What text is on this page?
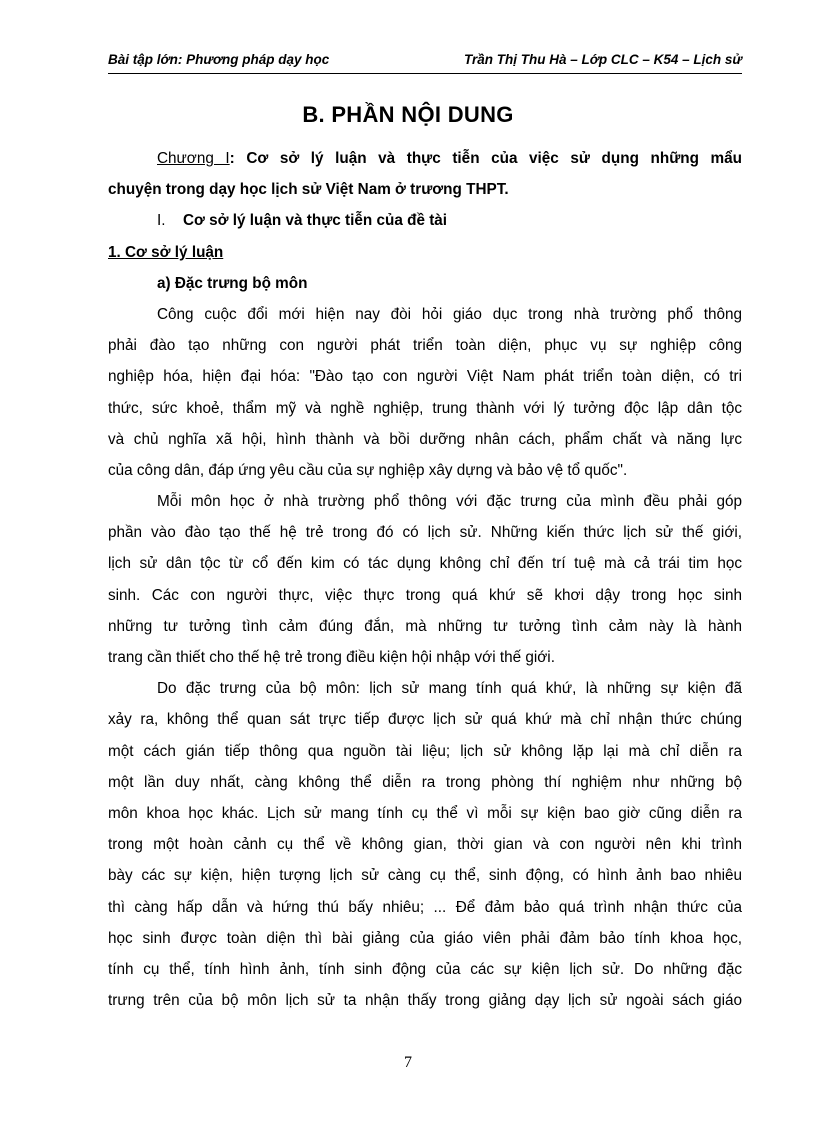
Bài tập lớn: Phương pháp dạy học	Trần Thị Thu Hà – Lớp CLC – K54 – Lịch sử
B. PHẦN NỘI DUNG
Chương I: Cơ sở lý luận và thực tiễn của việc sử dụng những mẩu
chuyện trong dạy học lịch sử Việt Nam ở trương THPT.
I. Cơ sở lý luận và thực tiễn của đề tài
1. Cơ sở lý luận
a) Đặc trưng bộ môn
Công cuộc đổi mới hiện nay đòi hỏi giáo dục trong nhà trường phổ thông
phải đào tạo những con người phát triển toàn diện, phục vụ sự nghiệp công
nghiệp hóa, hiện đại hóa: "Đào tạo con người Việt Nam phát triển toàn diện, có tri
thức, sức khoẻ, thẩm mỹ và nghề nghiệp, trung thành với lý tưởng độc lập dân tộc
và chủ nghĩa xã hội, hình thành và bồi dưỡng nhân cách, phẩm chất và năng lực
của công dân, đáp ứng yêu cầu của sự nghiệp xây dựng và bảo vệ tổ quốc".
Mỗi môn học ở nhà trường phổ thông với đặc trưng của mình đều phải góp
phần vào đào tạo thế hệ trẻ trong đó có lịch sử. Những kiến thức lịch sử thế giới,
lịch sử dân tộc từ cổ đến kim có tác dụng không chỉ đến trí tuệ mà cả trái tim học
sinh. Các con người thực, việc thực trong quá khứ sẽ khơi dậy trong học sinh
những tư tưởng tình cảm đúng đắn, mà những tư tưởng tình cảm này là hành
trang cần thiết cho thế hệ trẻ trong điều kiện hội nhập với thế giới.
Do đặc trưng của bộ môn: lịch sử mang tính quá khứ, là những sự kiện đã
xảy ra, không thể quan sát trực tiếp được lịch sử quá khứ mà chỉ nhận thức chúng
một cách gián tiếp thông qua nguồn tài liệu; lịch sử không lặp lại mà chỉ diễn ra
một lần duy nhất, càng không thể diễn ra trong phòng thí nghiệm như những bộ
môn khoa học khác. Lịch sử mang tính cụ thể vì mỗi sự kiện bao giờ cũng diễn ra
trong một hoàn cảnh cụ thể về không gian, thời gian và con người nên khi trình
bày các sự kiện, hiện tượng lịch sử càng cụ thể, sinh động, có hình ảnh bao nhiêu
thì càng hấp dẫn và hứng thú bấy nhiêu; ... Để đảm bảo quá trình nhận thức của
học sinh được toàn diện thì bài giảng của giáo viên phải đảm bảo tính khoa học,
tính cụ thể, tính hình ảnh, tính sinh động của các sự kiện lịch sử. Do những đặc
trưng trên của bộ môn lịch sử ta nhận thấy trong giảng dạy lịch sử ngoài sách giáo
7
